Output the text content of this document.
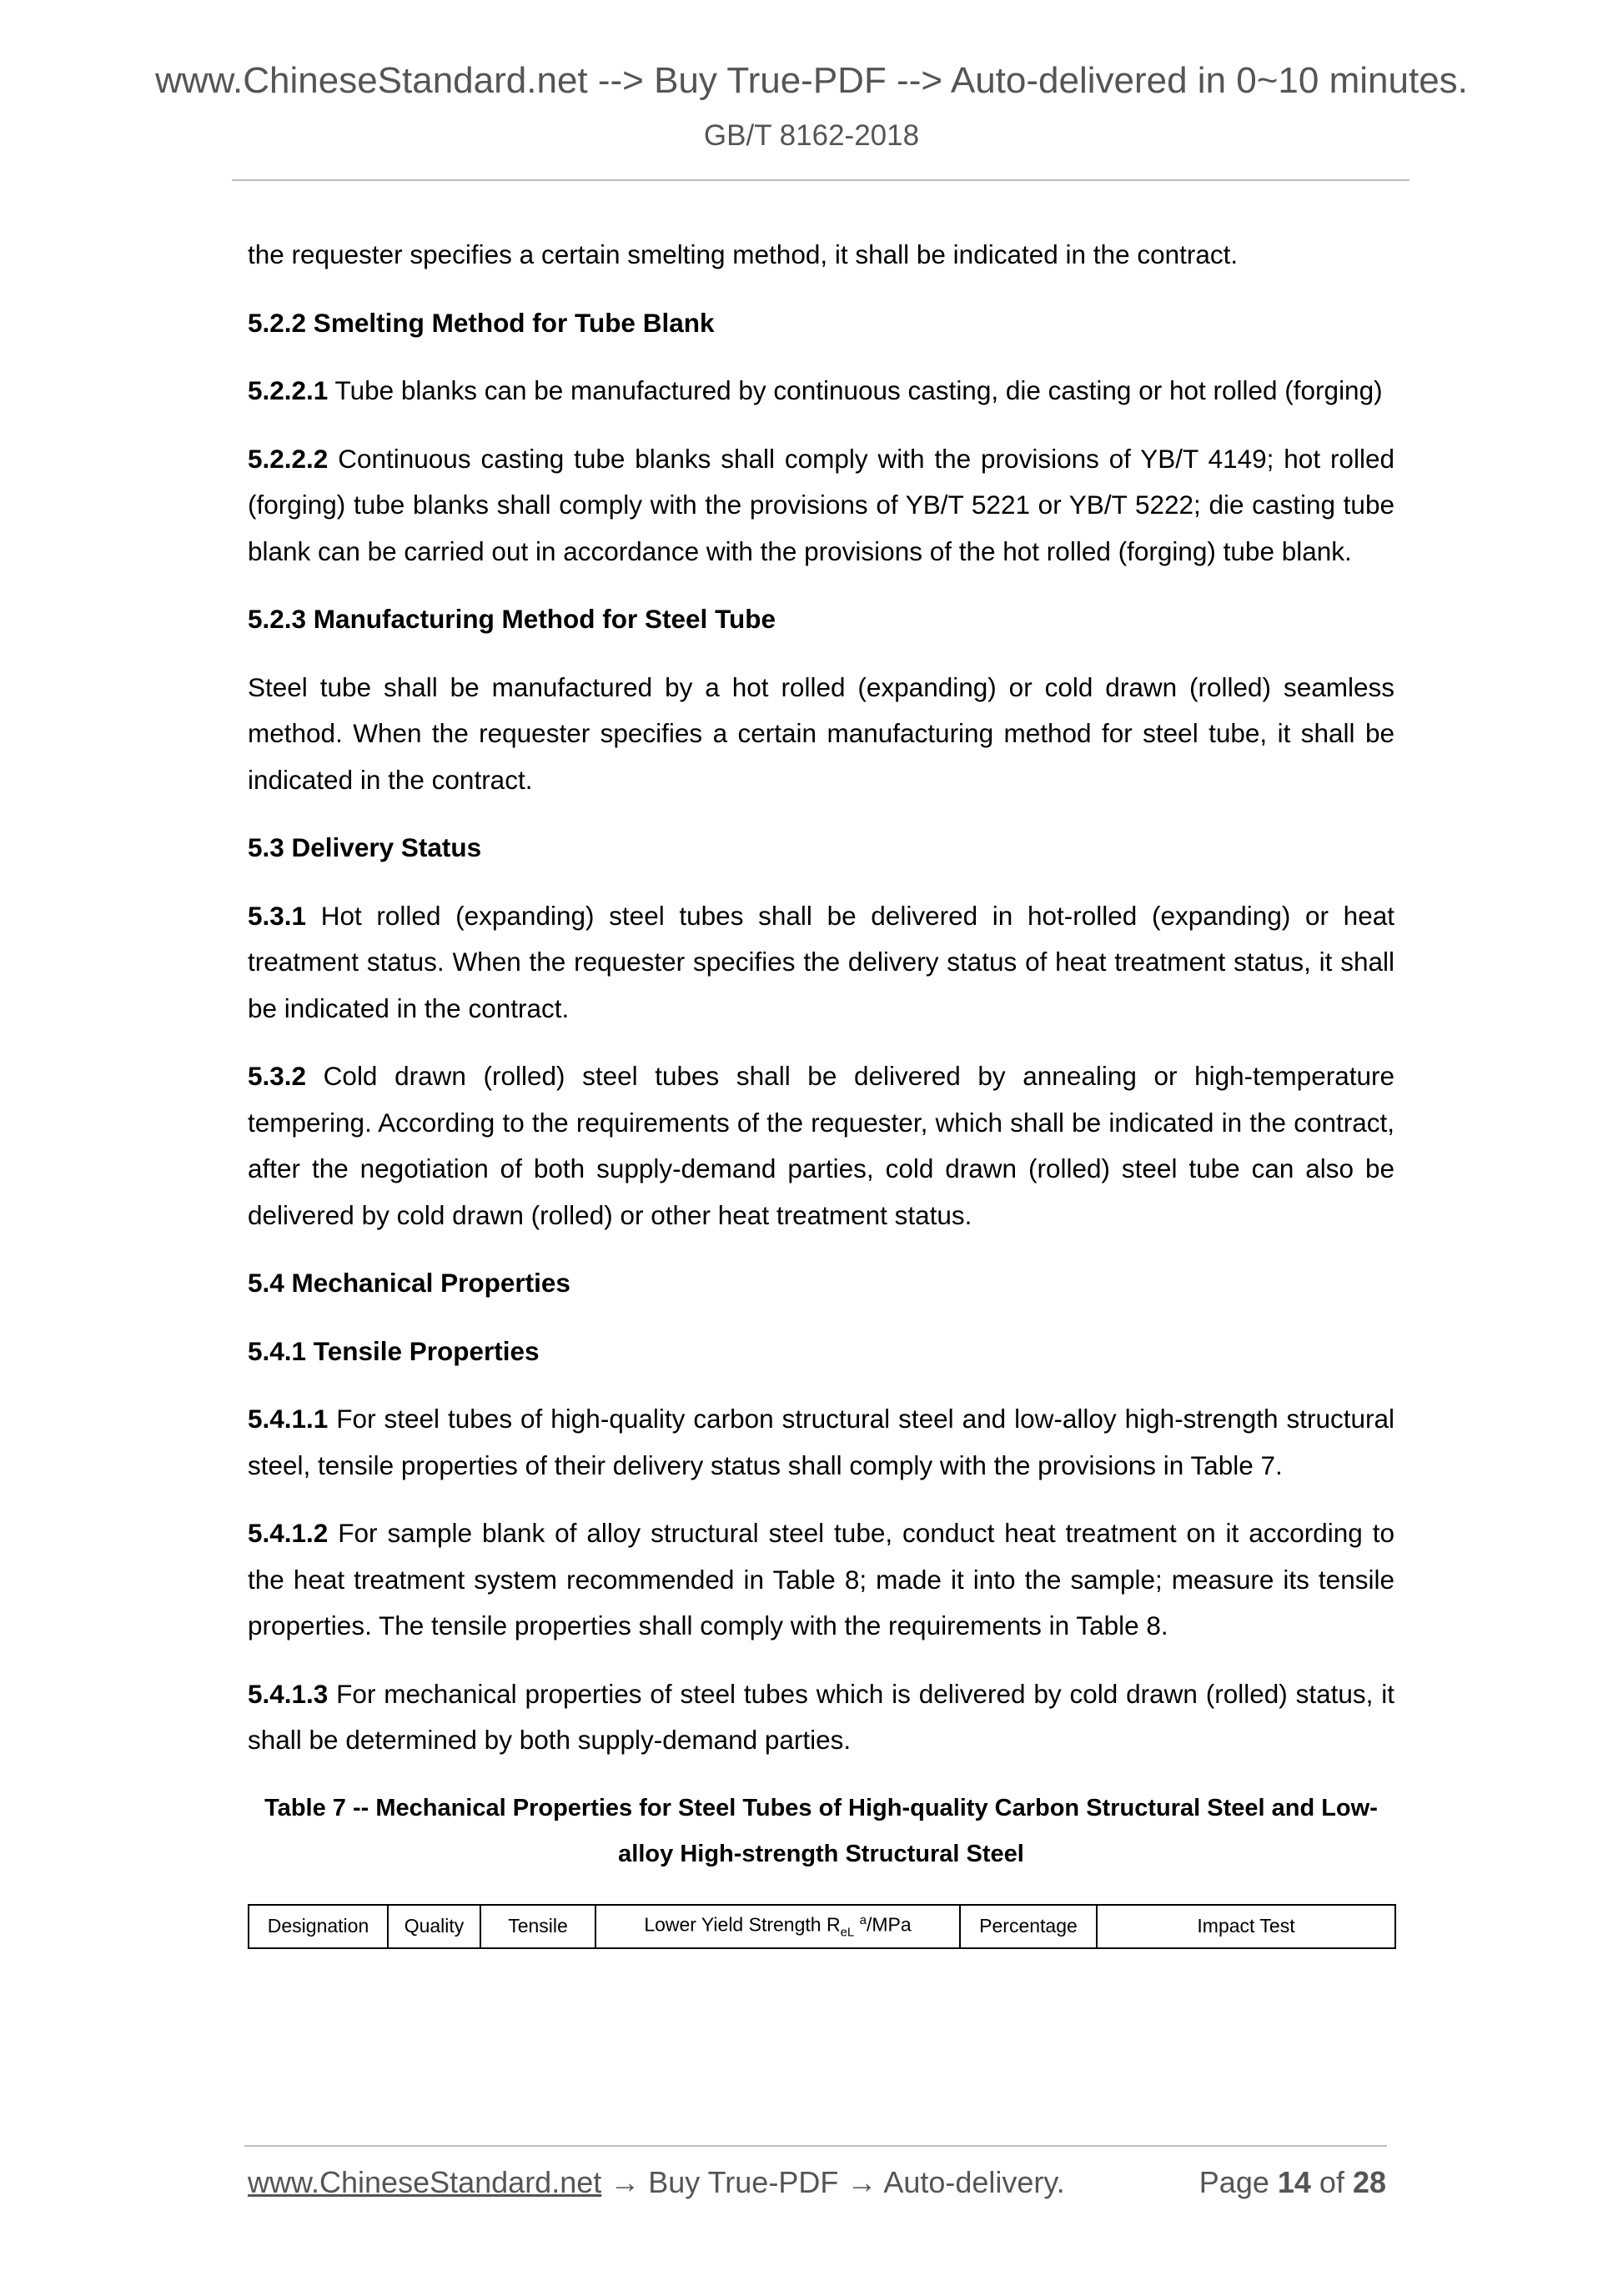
www.ChineseStandard.net --> Buy True-PDF --> Auto-delivered in 0~10 minutes.
GB/T 8162-2018

the requester specifies a certain smelting method, it shall be indicated in the contract.

5.2.2 Smelting Method for Tube Blank

5.2.2.1 Tube blanks can be manufactured by continuous casting, die casting or hot rolled (forging)

5.2.2.2 Continuous casting tube blanks shall comply with the provisions of YB/T 4149; hot rolled (forging) tube blanks shall comply with the provisions of YB/T 5221 or YB/T 5222; die casting tube blank can be carried out in accordance with the provisions of the hot rolled (forging) tube blank.

5.2.3 Manufacturing Method for Steel Tube

Steel tube shall be manufactured by a hot rolled (expanding) or cold drawn (rolled) seamless method. When the requester specifies a certain manufacturing method for steel tube, it shall be indicated in the contract.

5.3 Delivery Status

5.3.1 Hot rolled (expanding) steel tubes shall be delivered in hot-rolled (expanding) or heat treatment status. When the requester specifies the delivery status of heat treatment status, it shall be indicated in the contract.

5.3.2 Cold drawn (rolled) steel tubes shall be delivered by annealing or high-temperature tempering. According to the requirements of the requester, which shall be indicated in the contract, after the negotiation of both supply-demand parties, cold drawn (rolled) steel tube can also be delivered by cold drawn (rolled) or other heat treatment status.

5.4 Mechanical Properties

5.4.1 Tensile Properties

5.4.1.1 For steel tubes of high-quality carbon structural steel and low-alloy high-strength structural steel, tensile properties of their delivery status shall comply with the provisions in Table 7.

5.4.1.2 For sample blank of alloy structural steel tube, conduct heat treatment on it according to the heat treatment system recommended in Table 8; made it into the sample; measure its tensile properties. The tensile properties shall comply with the requirements in Table 8.

5.4.1.3 For mechanical properties of steel tubes which is delivered by cold drawn (rolled) status, it shall be determined by both supply-demand parties.

Table 7 -- Mechanical Properties for Steel Tubes of High-quality Carbon Structural Steel and Low-
alloy High-strength Structural Steel
Designation	Quality	Tensile	Lower Yield Strength $R_{eL}$ $^a$/MPa	Percentage	Impact Test
www.ChineseStandard.net → Buy True-PDF → Auto-delivery.	Page 14 of 28
